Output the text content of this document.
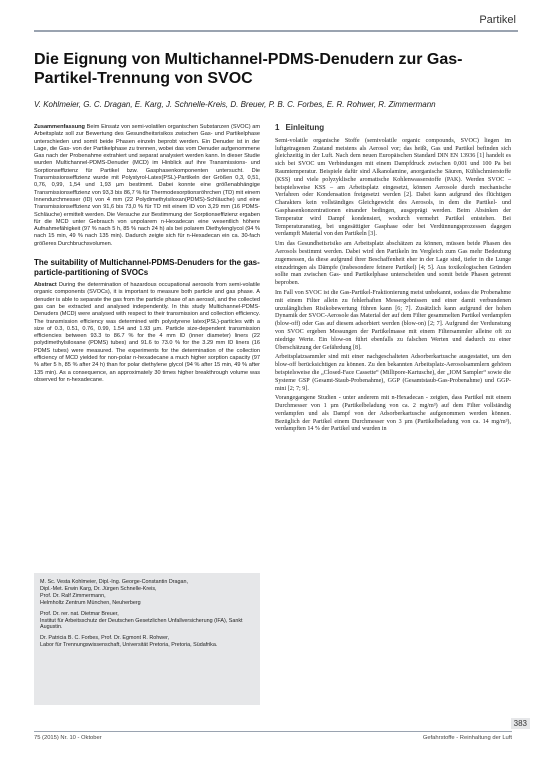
Partikel
Die Eignung von Multichannel-PDMS-Denudern zur Gas-Partikel-Trennung von SVOC
V. Kohlmeier, G. C. Dragan, E. Karg, J. Schnelle-Kreis, D. Breuer, P. B. C. Forbes, E. R. Rohwer, R. Zimmermann

Zusammenfassung Beim Einsatz von semi-volatilen organischen Substanzen (SVOC) am Arbeitsplatz soll zur Bewertung des Gesundheitsrisikos zwischen Gas- und Partikelphase unterschieden und somit beide Phasen einzeln beprobt werden. Ein Denuder ist in der Lage, die Gas- von der Partikelphase zu trennen, wobei das vom Denuder aufgenommene Gas nach der Probenahme extrahiert und separat analysiert werden kann. In dieser Studie wurden Multichannel-PDMS-Denuder (MCD) im Hinblick auf ihre Transmissions- und Sorptionseffizienz für Partikel bzw. Gasphasenkomponenten untersucht. Die Transmissionseffizienz wurde mit Polystyrol-Latex(PSL)-Partikeln der Größen 0,3, 0,51, 0,76, 0,99, 1,54 und 1,93 µm bestimmt. Dabei konnte eine größenabhängige Transmissionseffizienz von 93,3 bis 86,7 % für Thermodesorptionsröhrchen (TD) mit einem Innendurchmesser (ID) von 4 mm (22 Polydimethylsiloxan(PDMS)-Schläuche) und eine Transmissionseffizienz von 91,6 bis 73,0 % für TD mit einem ID von 3,29 mm (16 PDMS-Schläuche) ermittelt werden. Die Versuche zur Bestimmung der Sorptionseffizienz ergaben für die MCD unter Gebrauch von unpolarem n-Hexadecan eine wesentlich höhere Aufnahmefähigkeit (97 % nach 5 h, 85 % nach 24 h) als bei polarem Diethylenglycol (94 % nach 15 min, 49 % nach 135 min). Dadurch zeigte sich für n-Hexadecan ein ca. 30-fach größeres Durchbruchsvolumen.

The suitability of Multichannel-PDMS-Denuders for the gas-particle-partitioning of SVOCs

Abstract During the determination of hazardous occupational aerosols from semi-volatile organic components (SVOCs), it is important to measure both particle and gas phase. A denuder is able to separate the gas from the particle phase of an aerosol, and the collected gas can be extracted and analysed independently. In this study Multichannel-PDMS-Denuders (MCD) were analysed with respect to their transmission and collection efficiency. The transmission efficiency was determined with polystyrene latex(PSL)-particles with a size of 0.3, 0.51, 0.76, 0.99, 1.54 and 1.93 µm. Particle size-dependent transmission efficiencies between 93.3 to 86.7 % for the 4 mm ID (inner diameter) liners (22 polydimethylsiloxane (PDMS) tubes) and 91.6 to 73.0 % for the 3.29 mm ID liners (16 PDMS tubes) were measured. The experiments for the determination of the collection efficiency of MCD yielded for non-polar n-hexadecane a much higher sorption capacity (97 % after 5 h, 85 % after 24 h) than for polar diethylene glycol (94 % after 15 min, 49 % after 135 min). As a consequence, an approximately 30 times higher breakthrough volume was observed for n-hexadecane.

M. Sc. Vesta Kohlmeier, Dipl.-Ing. George-Constantin Dragan,
Dipl.-Met. Erwin Karg, Dr. Jürgen Schnelle-Kreis,
Prof. Dr. Ralf Zimmermann,
Helmholtz Zentrum München, Neuherberg
Prof. Dr. rer. nat. Dietmar Breuer,
Institut für Arbeitsschutz der Deutschen Gesetzlichen Unfallversicherung (IFA), Sankt Augustin.
Dr. Patricia B. C. Forbes, Prof. Dr. Egmont R. Rohwer,
Labor für Trennungswissenschaft, Universität Pretoria, Pretoria, Südafrika.
1 Einleitung

Semi-volatile organische Stoffe (semivolatile organic compounds, SVOC) liegen im luftgetragenen Zustand meistens als Aerosol vor; das heißt, Gas und Partikel befinden sich gleichzeitig in der Luft. Nach dem neuen Europäischen Standard DIN EN 13936 [1] handelt es sich bei SVOC um Verbindungen mit einem Dampfdruck zwischen 0,001 und 100 Pa bei Raumtemperatur. Beispiele dafür sind Alkanolamine, anorganische Säuren, Kühlschmierstoffe (KSS) und viele polyzyklische aromatische Kohlenwasserstoffe (PAK). Werden SVOC – beispielsweise KSS – am Arbeitsplatz eingesetzt, können Aerosole durch mechanische Verfahren oder Kondensation freigesetzt werden [2]. Dabei kann aufgrund des flüchtigen Charakters kein vollständiges Gleichgewicht des Aerosols, in dem die Partikel- und Gasphasenkonzentrationen einander bedingen, ausgeprägt werden. Beim Absinken der Temperatur wird Dampf kondensiert, wodurch vermehrt Partikel entstehen. Bei Temperaturanstieg, bei ungesättigter Gasphase oder bei Verdünnungsprozessen dagegen verdampft Material von den Partikeln [3].

Um das Gesundheitsrisiko am Arbeitsplatz abschätzen zu können, müssen beide Phasen des Aerosols bestimmt werden. Dabei wird den Partikeln im Vergleich zum Gas mehr Bedeutung zugemessen, da diese aufgrund ihrer Beschaffenheit eher in der Lage sind, tiefer in die Lunge einzudringen als Dämpfe (insbesondere feinere Partikel) [4; 5]. Aus toxikologischen Gründen sollte man zwischen Gas- und Partikelphase unterscheiden und somit beide Phasen getrennt beproben.

Im Fall von SVOC ist die Gas-Partikel-Fraktionierung meist unbekannt, sodass die Probenahme mit einem Filter allein zu fehlerhaften Messergebnissen und einer damit verbundenen unzulänglichen Risikobewertung führen kann [6; 7]. Zusätzlich kann aufgrund der hohen Dynamik der SVOC-Aerosole das Material der auf dem Filter gesammelten Partikel verdampfen (blow-off) oder Gas auf diesem adsorbiert werden (blow-on) [2; 7]. Aufgrund der Verdunstung von SVOC ergeben Messungen der Partikelmasse mit einem Filtersammler alleine oft zu niedrige Werte. Ein blow-on führt ebenfalls zu falschen Werten und dadurch zu einer Überschätzung der Gefährdung [8].

Arbeitsplatzsammler sind mit einer nachgeschalteten Adsorberkartusche ausgestattet, um den blow-off berücksichtigen zu können. Zu den bekannten Arbeitsplatz-Aerosolsammlern gehören beispielsweise die „Closed-Face Cassette“ (Millipore-Kartusche), der „IOM Sampler“ sowie die Systeme GSP (Gesamt-Staub-Probenahme), GGP (Gesamtstaub-Gas-Probenahme) und GGP-mini [2; 7; 9].

Vorangegangene Studien - unter anderem mit n-Hexadecan - zeigten, dass Partikel mit einem Durchmesser von 1 µm (Partikelbeladung von ca. 2 mg/m³) auf dem Filter vollständig verdampfen und als Dampf von der Adsorberkartusche aufgenommen werden können. Bezüglich der Partikel einem Durchmesser von 3 µm (Partikelbeladung von ca. 14 mg/m³), verdampften 14 % der Partikel und wurden in

383
75 (2015) Nr. 10 - Oktober	Gefahrstoffe - Reinhaltung der Luft
